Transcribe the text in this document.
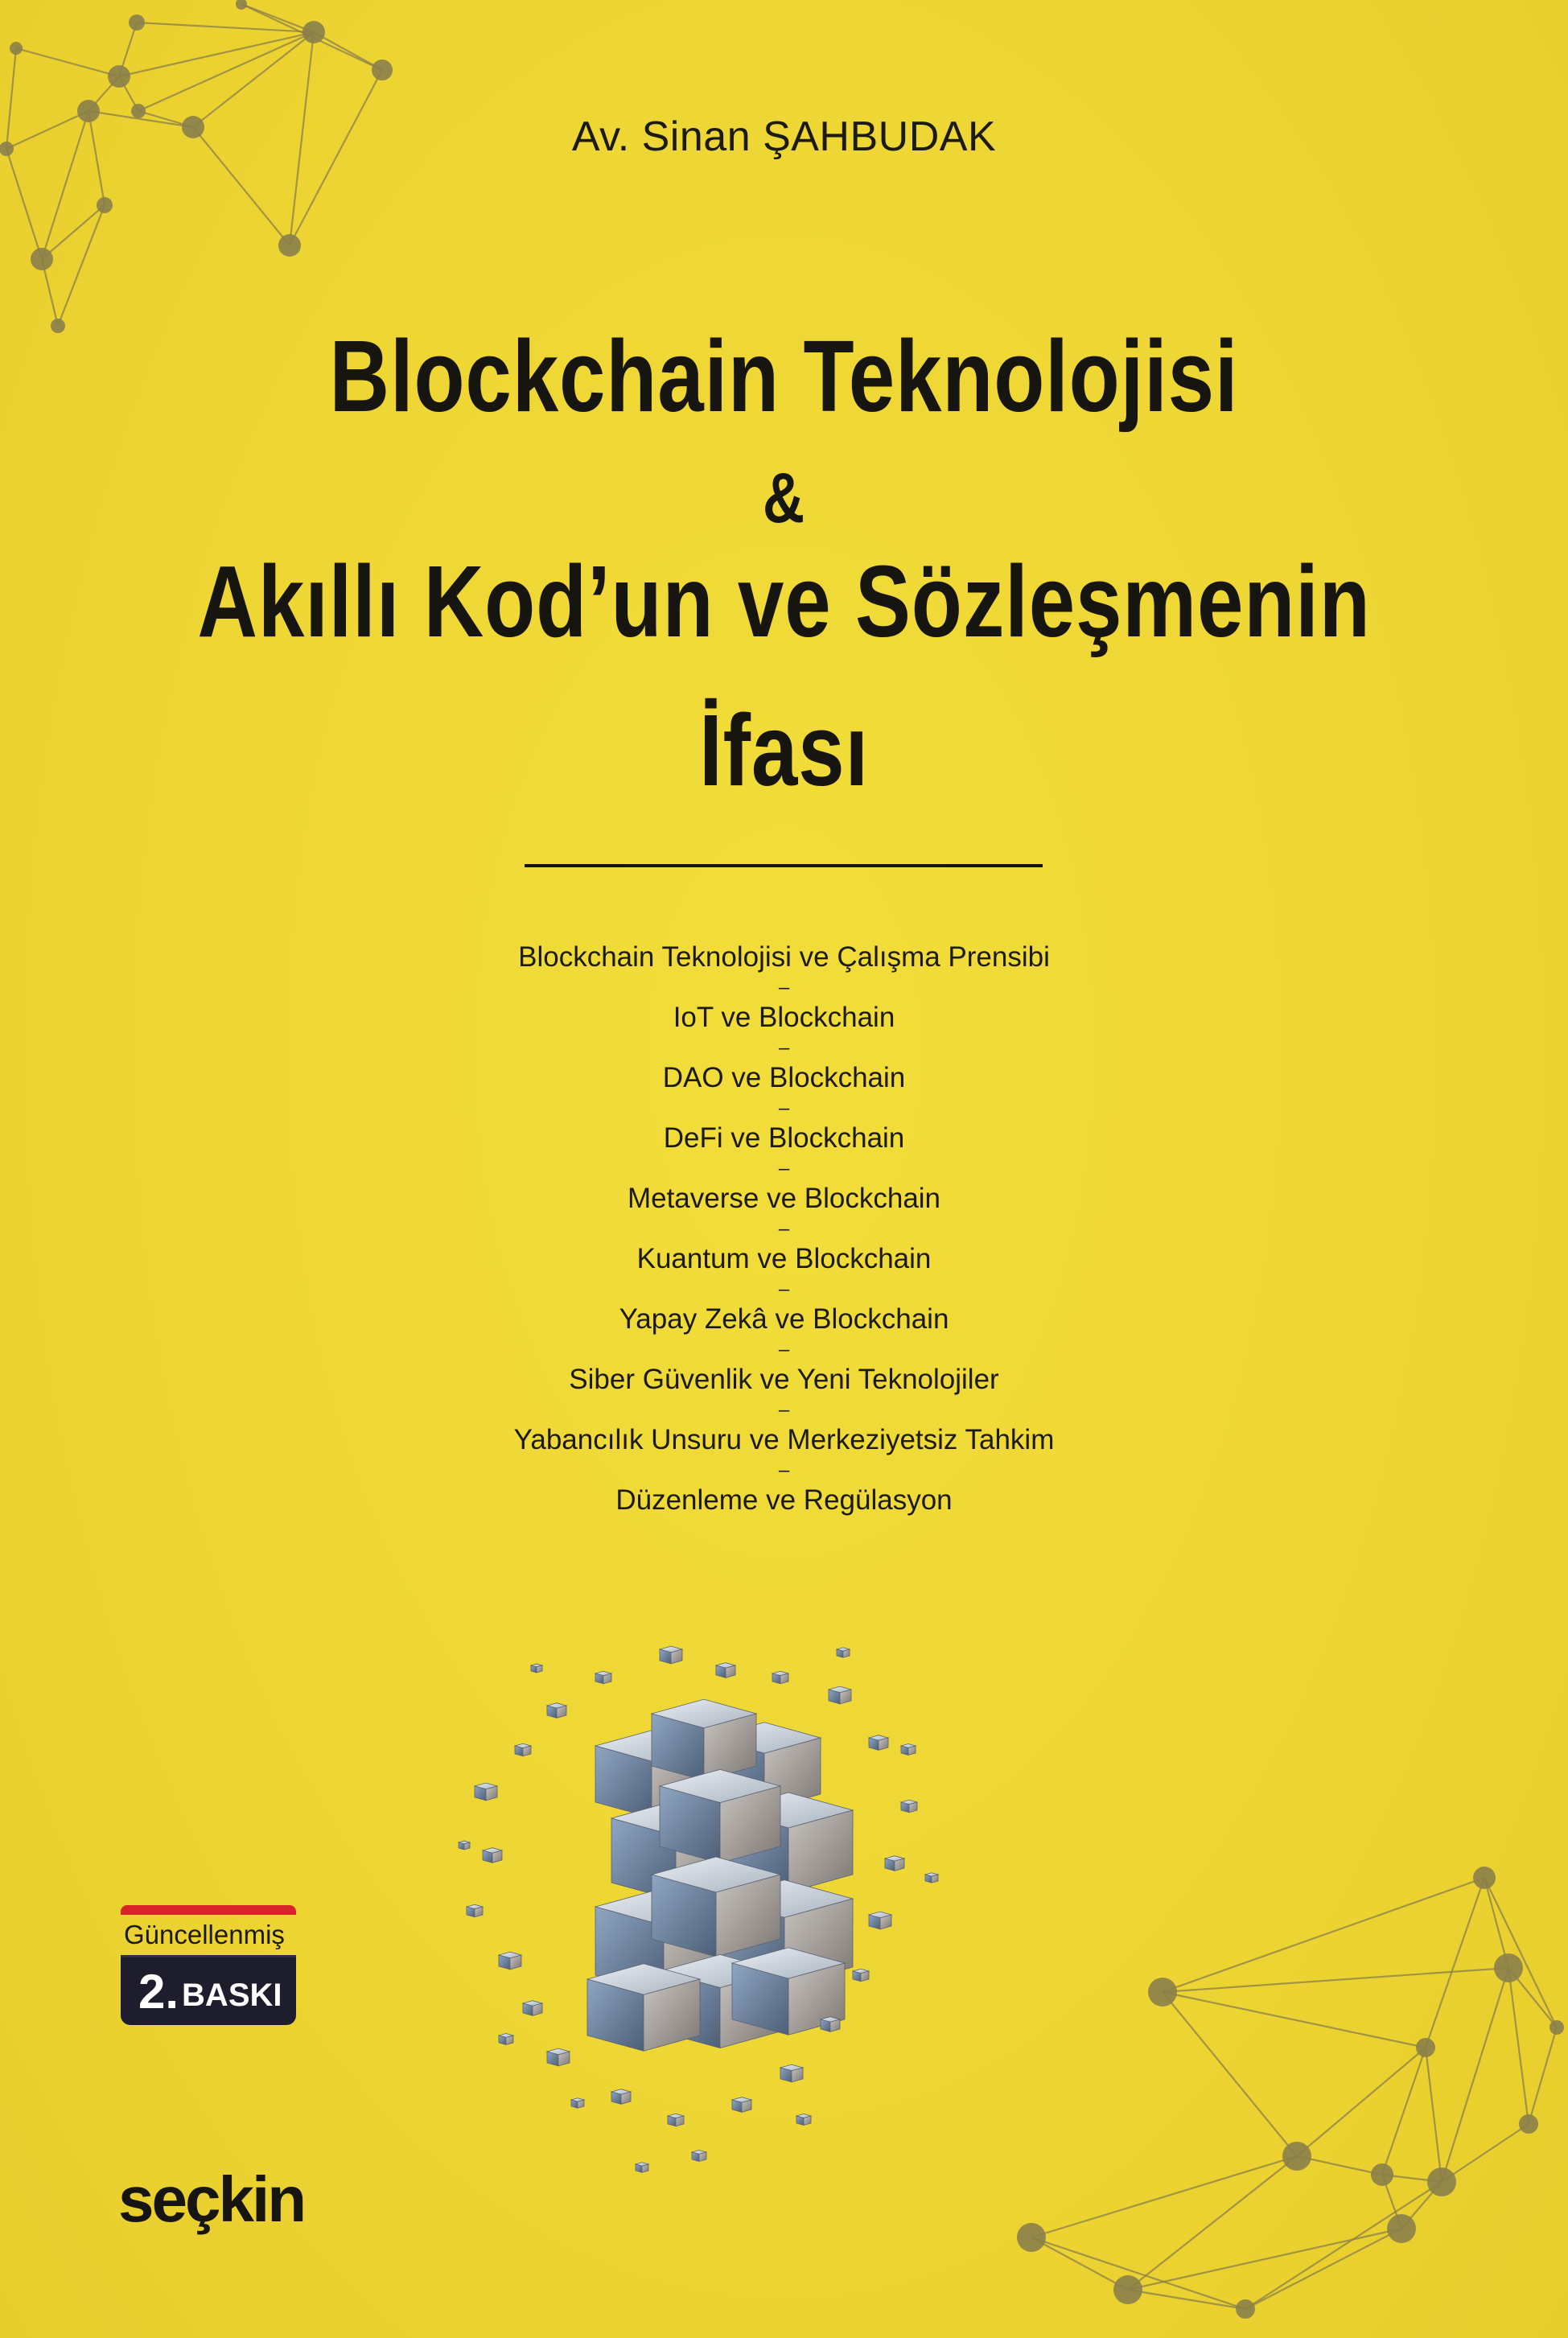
Av. Sinan ŞAHBUDAK
Blockchain Teknolojisi
&
Akıllı Kod’un ve Sözleşmenin
İfası
Blockchain Teknolojisi ve Çalışma Prensibi
–
IoT ve Blockchain
–
DAO ve Blockchain
–
DeFi ve Blockchain
–
Metaverse ve Blockchain
–
Kuantum ve Blockchain
–
Yapay Zekâ ve Blockchain
–
Siber Güvenlik ve Yeni Teknolojiler
–
Yabancılık Unsuru ve Merkeziyetsiz Tahkim
–
Düzenleme ve Regülasyon
Güncellenmiş
2. BASKI
seçkin
